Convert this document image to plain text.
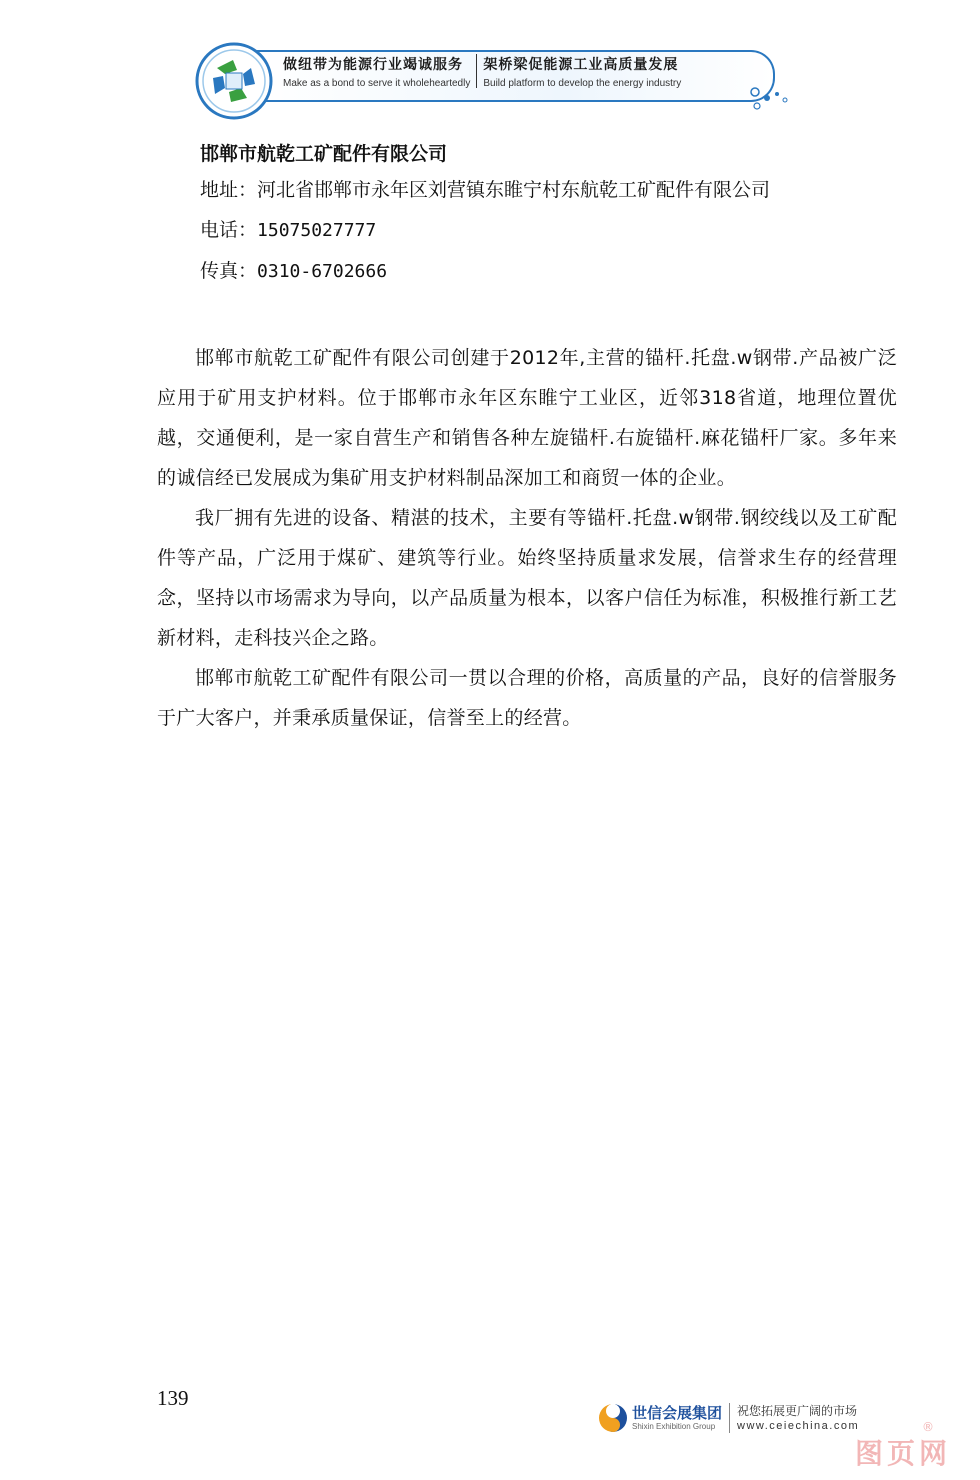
做纽带为能源行业竭诚服务
Make as a bond to serve it wholeheartedly
架桥梁促能源工业高质量发展
Build platform to develop the energy industry
邯郸市航乾工矿配件有限公司
地址：河北省邯郸市永年区刘营镇东睢宁村东航乾工矿配件有限公司
电话：15075027777
传真：0310-6702666

邯郸市航乾工矿配件有限公司创建于2012年,主营的锚杆.托盘.w钢带.产品被广泛应用于矿用支护材料。位于邯郸市永年区东睢宁工业区，近邻318省道，地理位置优越，交通便利，是一家自营生产和销售各种左旋锚杆.右旋锚杆.麻花锚杆厂家。多年来的诚信经已发展成为集矿用支护材料制品深加工和商贸一体的企业。

我厂拥有先进的设备、精湛的技术，主要有等锚杆.托盘.w钢带.钢绞线以及工矿配件等产品，广泛用于煤矿、建筑等行业。始终坚持质量求发展，信誉求生存的经营理念，坚持以市场需求为导向，以产品质量为根本，以客户信任为标准，积极推行新工艺新材料，走科技兴企之路。

邯郸市航乾工矿配件有限公司一贯以合理的价格，高质量的产品，良好的信誉服务于广大客户，并秉承质量保证，信誉至上的经营。

139
世信会展集团
Shixin Exhibition Group
祝您拓展更广阔的市场
www.ceiechina.com
图页网
®
